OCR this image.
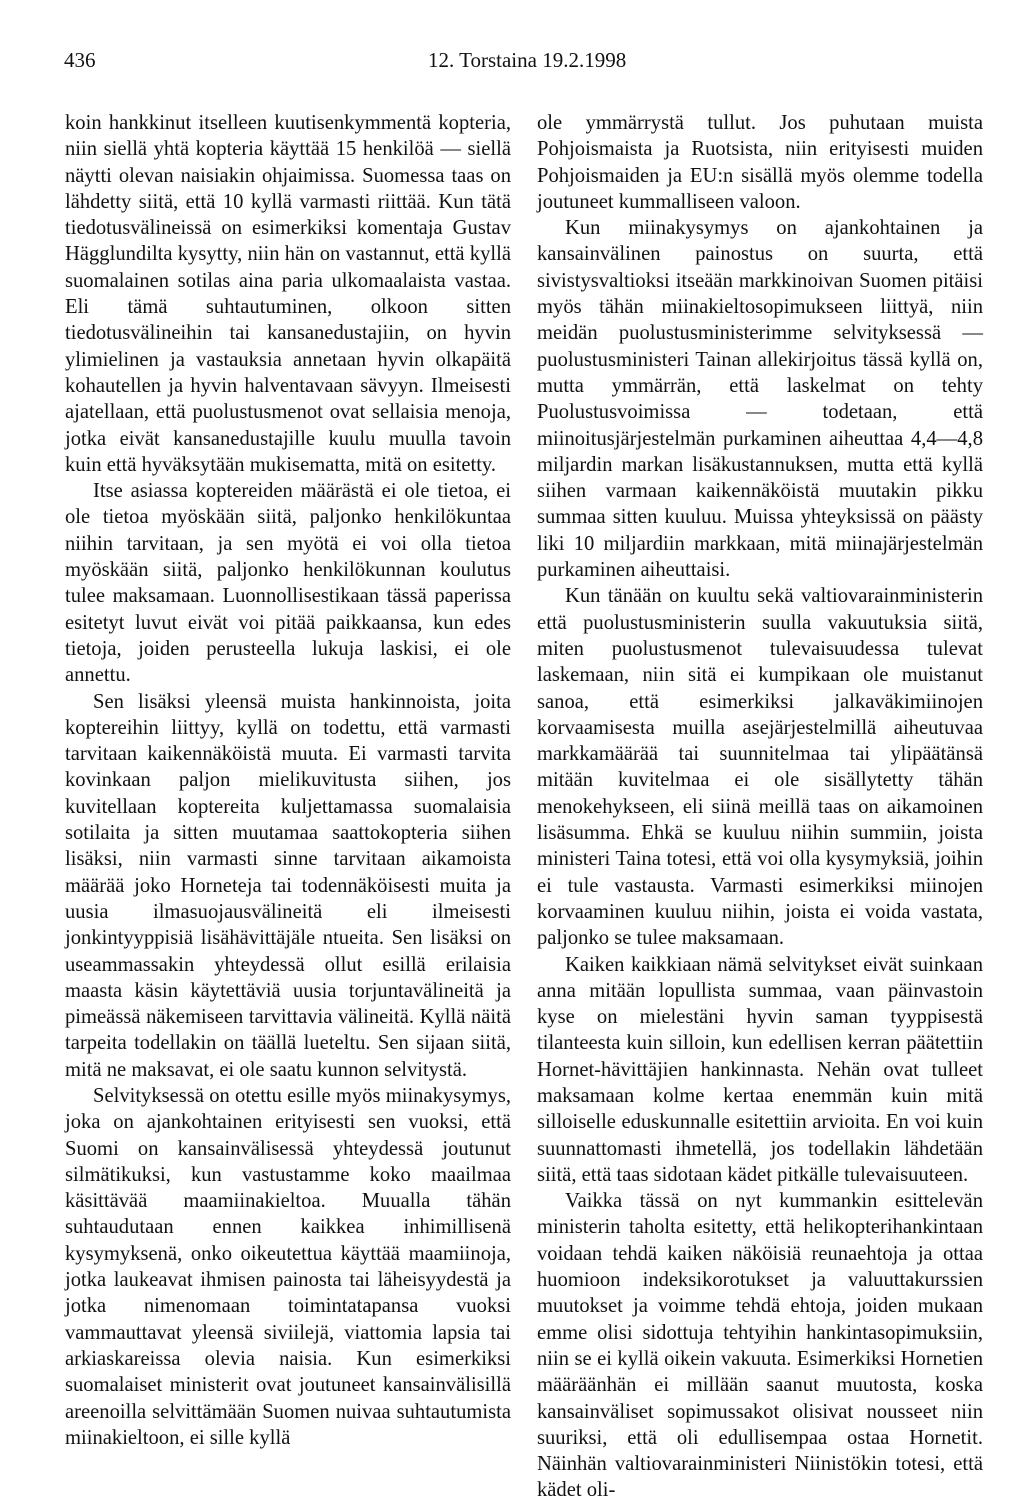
436	12. Torstaina 19.2.1998

koin hankkinut itselleen kuutisenkymmentä kopteria, niin siellä yhtä kopteria käyttää 15 henkilöä — siellä näytti olevan naisiakin ohjaimissa. Suomessa taas on lähdetty siitä, että 10 kyllä varmasti riittää. Kun tätä tiedotusvälineissä on esimerkiksi komentaja Gustav Hägglundilta kysytty, niin hän on vastannut, että kyllä suomalainen sotilas aina paria ulkomaalaista vastaa. Eli tämä suhtautuminen, olkoon sitten tiedotusvälineihin tai kansanedustajiin, on hyvin ylimielinen ja vastauksia annetaan hyvin olkapäitä kohautellen ja hyvin halventavaan sävyyn. Ilmeisesti ajatellaan, että puolustusmenot ovat sellaisia menoja, jotka eivät kansanedustajille kuulu muulla tavoin kuin että hyväksytään mukisematta, mitä on esitetty.

Itse asiassa koptereiden määrästä ei ole tietoa, ei ole tietoa myöskään siitä, paljonko henkilökuntaa niihin tarvitaan, ja sen myötä ei voi olla tietoa myöskään siitä, paljonko henkilökunnan koulutus tulee maksamaan. Luonnollisestikaan tässä paperissa esitetyt luvut eivät voi pitää paikkaansa, kun edes tietoja, joiden perusteella lukuja laskisi, ei ole annettu.

Sen lisäksi yleensä muista hankinnoista, joita koptereihin liittyy, kyllä on todettu, että varmasti tarvitaan kaikennäköistä muuta. Ei varmasti tarvita kovinkaan paljon mielikuvitusta siihen, jos kuvitellaan koptereita kuljettamassa suomalaisia sotilaita ja sitten muutamaa saattokopteria siihen lisäksi, niin varmasti sinne tarvitaan aikamoista määrää joko Horneteja tai todennäköisesti muita ja uusia ilmasuojausvälineitä eli ilmeisesti jonkintyyppisiä lisähävittäjäle ntueita. Sen lisäksi on useammassakin yhteydessä ollut esillä erilaisia maasta käsin käytettäviä uusia torjuntavälineitä ja pimeässä näkemiseen tarvittavia välineitä. Kyllä näitä tarpeita todellakin on täällä lueteltu. Sen sijaan siitä, mitä ne maksavat, ei ole saatu kunnon selvitystä.

Selvityksessä on otettu esille myös miinakysymys, joka on ajankohtainen erityisesti sen vuoksi, että Suomi on kansainvälisessä yhteydessä joutunut silmätikuksi, kun vastustamme koko maailmaa käsittävää maamiinakieltoa. Muualla tähän suhtaudutaan ennen kaikkea inhimillisenä kysymyksenä, onko oikeutettua käyttää maamiinoja, jotka laukeavat ihmisen painosta tai läheisyydestä ja jotka nimenomaan toimintatapansa vuoksi vammauttavat yleensä siviilejä, viattomia lapsia tai arkiaskareissa olevia naisia. Kun esimerkiksi suomalaiset ministerit ovat joutuneet kansainvälisillä areenoilla selvittämään Suomen nuivaa suhtautumista miinakieltoon, ei sille kyllä

ole ymmärrystä tullut. Jos puhutaan muista Pohjoismaista ja Ruotsista, niin erityisesti muiden Pohjoismaiden ja EU:n sisällä myös olemme todella joutuneet kummalliseen valoon.

Kun miinakysymys on ajankohtainen ja kansainvälinen painostus on suurta, että sivistysvaltioksi itseään markkinoivan Suomen pitäisi myös tähän miinakieltosopimukseen liittyä, niin meidän puolustusministerimme selvityksessä — puolustusministeri Tainan allekirjoitus tässä kyllä on, mutta ymmärrän, että laskelmat on tehty Puolustusvoimissa — todetaan, että miinoitusjärjestelmän purkaminen aiheuttaa 4,4—4,8 miljardin markan lisäkustannuksen, mutta että kyllä siihen varmaan kaikennäköistä muutakin pikku summaa sitten kuuluu. Muissa yhteyksissä on päästy liki 10 miljardiin markkaan, mitä miinajärjestelmän purkaminen aiheuttaisi.

Kun tänään on kuultu sekä valtiovarainministerin että puolustusministerin suulla vakuutuksia siitä, miten puolustusmenot tulevaisuudessa tulevat laskemaan, niin sitä ei kumpikaan ole muistanut sanoa, että esimerkiksi jalkaväkimiinojen korvaamisesta muilla asejärjestelmillä aiheutuvaa markkamäärää tai suunnitelmaa tai ylipäätänsä mitään kuvitelmaa ei ole sisällytetty tähän menokehykseen, eli siinä meillä taas on aikamoinen lisäsumma. Ehkä se kuuluu niihin summiin, joista ministeri Taina totesi, että voi olla kysymyksiä, joihin ei tule vastausta. Varmasti esimerkiksi miinojen korvaaminen kuuluu niihin, joista ei voida vastata, paljonko se tulee maksamaan.

Kaiken kaikkiaan nämä selvitykset eivät suinkaan anna mitään lopullista summaa, vaan päinvastoin kyse on mielestäni hyvin saman tyyppisestä tilanteesta kuin silloin, kun edellisen kerran päätettiin Hornet-hävittäjien hankinnasta. Nehän ovat tulleet maksamaan kolme kertaa enemmän kuin mitä silloiselle eduskunnalle esitettiin arvioita. En voi kuin suunnattomasti ihmetellä, jos todellakin lähdetään siitä, että taas sidotaan kädet pitkälle tulevaisuuteen.

Vaikka tässä on nyt kummankin esittelevän ministerin taholta esitetty, että helikopterihankintaan voidaan tehdä kaiken näköisiä reunaehtoja ja ottaa huomioon indeksikorotukset ja valuuttakurssien muutokset ja voimme tehdä ehtoja, joiden mukaan emme olisi sidottuja tehtyihin hankintasopimuksiin, niin se ei kyllä oikein vakuuta. Esimerkiksi Hornetien määräänhän ei millään saanut muutosta, koska kansainväliset sopimussakot olisivat nousseet niin suuriksi, että oli edullisempaa ostaa Hornetit. Näinhän valtiovarainministeri Niinistökin totesi, että kädet oli-
